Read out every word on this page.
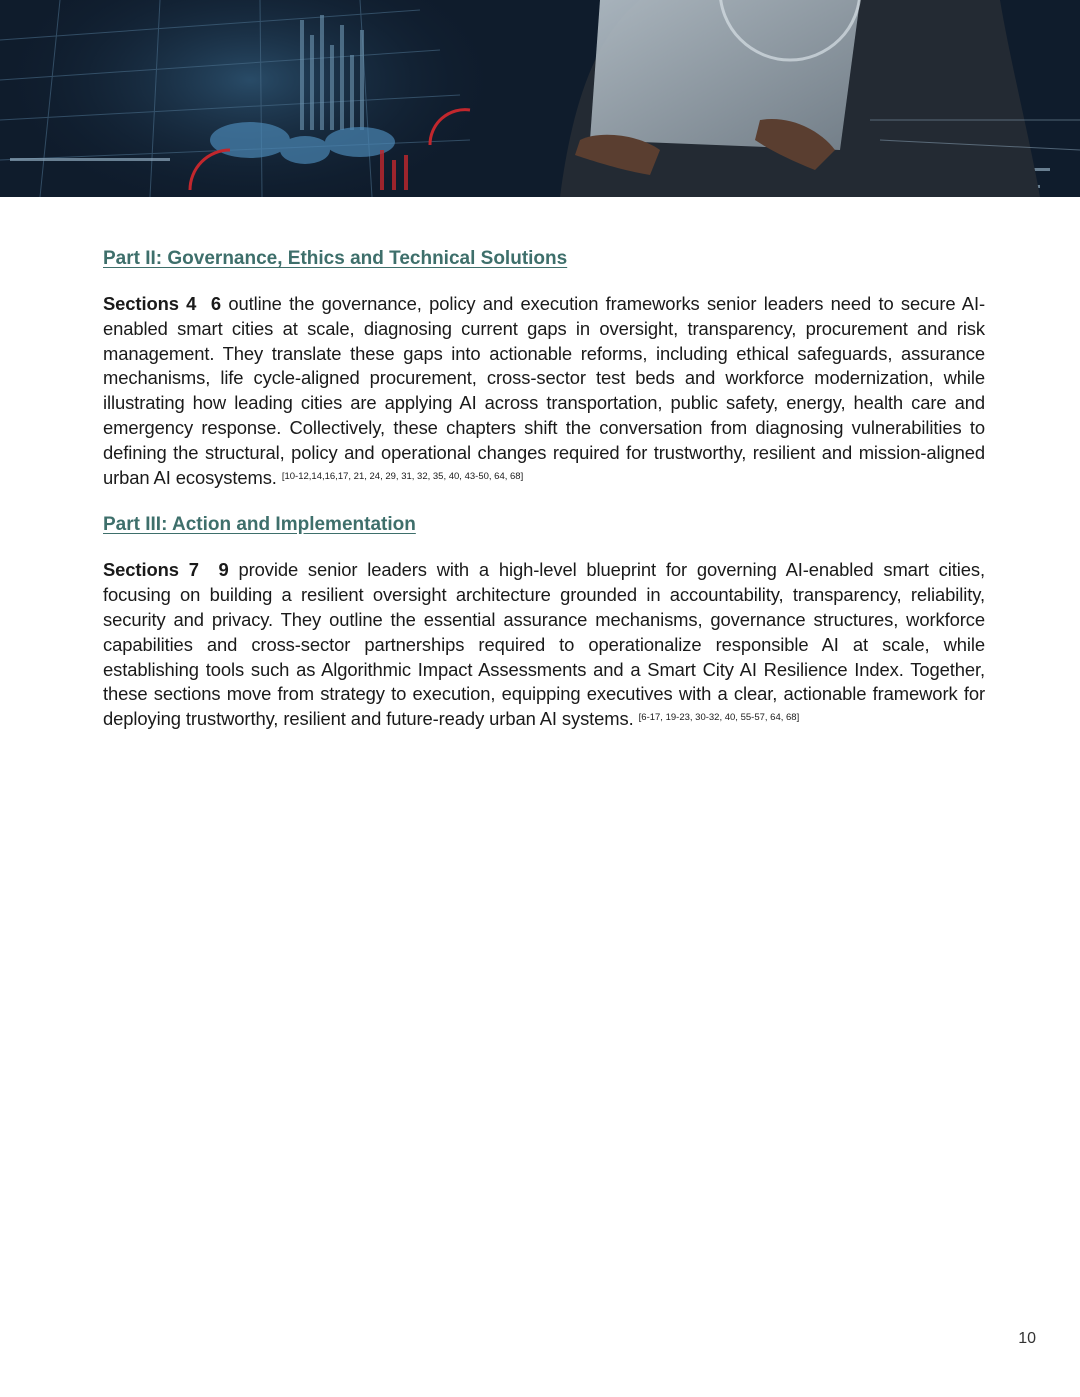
Part II: Governance, Ethics and Technical Solutions

Sections 4  6 outline the governance, policy and execution frameworks senior leaders need to secure AI-enabled smart cities at scale, diagnosing current gaps in oversight, transparency, procurement and risk management. They translate these gaps into actionable reforms, including ethical safeguards, assurance mechanisms, life cycle-aligned procurement, cross-sector test beds and workforce modernization, while illustrating how leading cities are applying AI across transportation, public safety, energy, health care and emergency response. Collectively, these chapters shift the conversation from diagnosing vulnerabilities to defining the structural, policy and operational changes required for trustworthy, resilient and mission-aligned urban AI ecosystems. [10-12,14,16,17, 21, 24, 29, 31, 32, 35, 40, 43-50, 64, 68]

Part III: Action and Implementation

Sections 7  9 provide senior leaders with a high-level blueprint for governing AI-enabled smart cities, focusing on building a resilient oversight architecture grounded in accountability, transparency, reliability, security and privacy. They outline the essential assurance mechanisms, governance structures, workforce capabilities and cross-sector partnerships required to operationalize responsible AI at scale, while establishing tools such as Algorithmic Impact Assessments and a Smart City AI Resilience Index. Together, these sections move from strategy to execution, equipping executives with a clear, actionable framework for deploying trustworthy, resilient and future-ready urban AI systems. [6-17, 19-23, 30-32, 40, 55-57, 64, 68]

10
